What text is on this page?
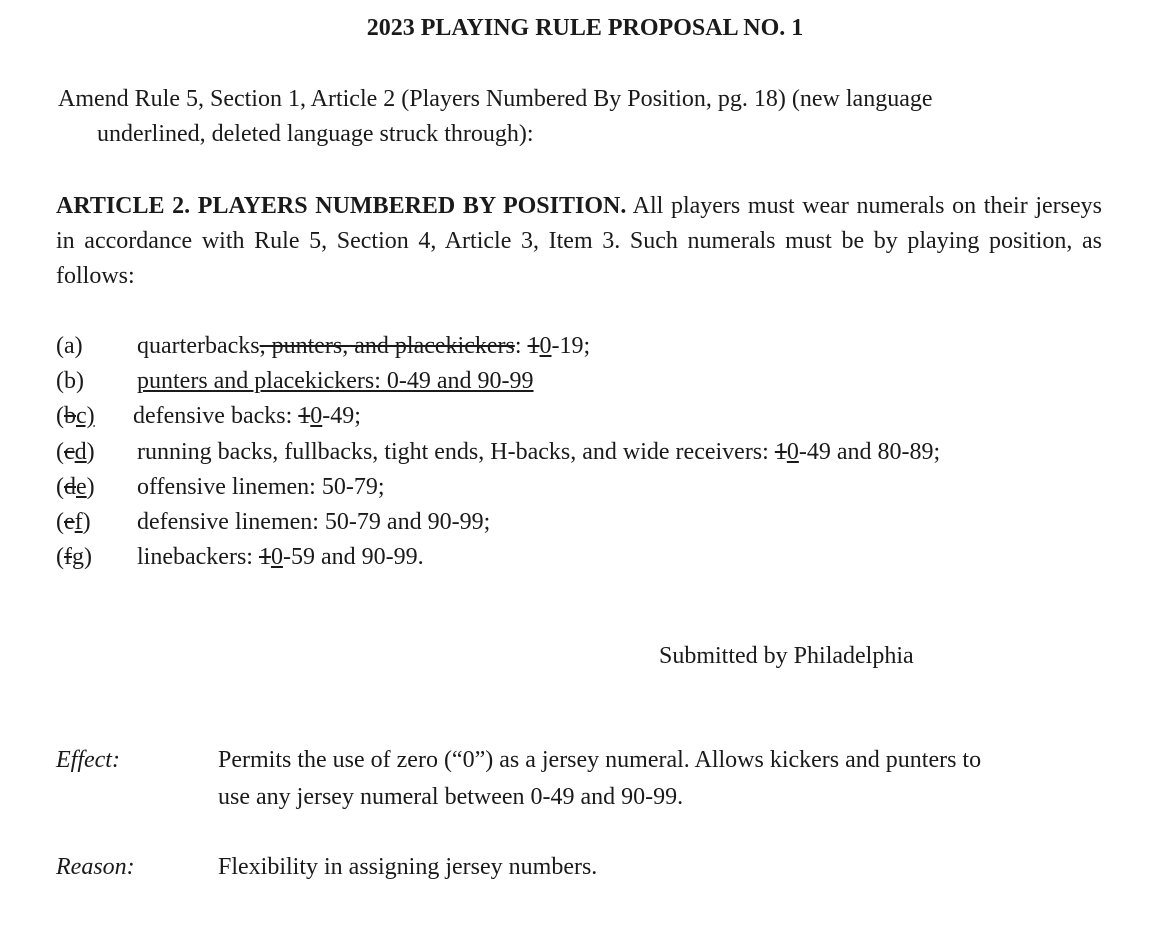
2023 PLAYING RULE PROPOSAL NO. 1
Amend Rule 5, Section 1, Article 2 (Players Numbered By Position, pg. 18) (new language
underlined, deleted language struck through):
ARTICLE 2. PLAYERS NUMBERED BY POSITION. All players must wear numerals on their jerseys in accordance with Rule 5, Section 4, Article 3, Item 3. Such numerals must be by playing position, as follows:
(a) quarterbacks, punters, and placekickers: 10-19;
(b) punters and placekickers: 0-49 and 90-99
(bc) defensive backs: 10-49;
(cd) running backs, fullbacks, tight ends, H-backs, and wide receivers: 10-49 and 80-89;
(de) offensive linemen: 50-79;
(ef) defensive linemen: 50-79 and 90-99;
(fg) linebackers: 10-59 and 90-99.
Submitted by Philadelphia
Effect:	Permits the use of zero (“0”) as a jersey numeral. Allows kickers and punters to
use any jersey numeral between 0-49 and 90-99.
Reason:	Flexibility in assigning jersey numbers.
